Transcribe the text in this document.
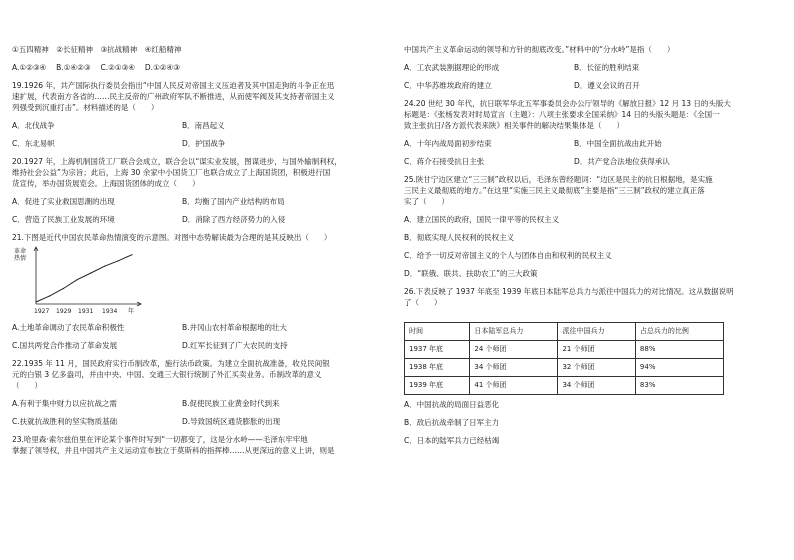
①五四精神　②长征精神　③抗战精神　④红船精神
A.①②③④　 B.①④②③　 C.②①③④　 D.①②④③
19.1926 年，共产国际执行委员会指出“中国人民反对帝国主义压迫者及其中国走狗的斗争正在迅
速扩展，代表南方各省的……民主反帝的广州政府军队不断推进，从而使军阀及其支持者帝国主义
列强受到沉重打击”。材料描述的是（　　）
A．北伐战争	B．南昌起义
C．东北易帜	D．护国战争
20.1927 年，上海机制国货工厂联合会成立，联合会以“谋实业发展，图谋进步，与国外输制利权，
维持社会公益”为宗旨；此后，上海 30 余家中小国货工厂也联合成立了上海国货团，积极进行国
货宣传，举办国货展览会。上海国货团体的成立（　　）
A．促进了实业救国思潮的出现	B．均衡了国内产业结构的布局
C．营造了民族工业发展的环境	D．消除了西方经济势力的入侵
21.下图是近代中国农民革命热情演变的示意图。对图中态势解读最为合理的是其反映出（　　）
革命热情
1927 1929 1931 1934 年
A.土地革命调动了农民革命积极性	B.井冈山农村革命根据地的壮大
C.国共两党合作推动了革命发展	D.红军长征到了广大农民的支持
22.1935 年 11 月，国民政府实行币制改革，施行法币政策。为建立全面抗战准备，收兑民间银
元的白银 3 亿多盎司，并由中央、中国、交通三大银行统制了外汇买卖业务。币制改革的意义
（　　）
A.有利于集中财力以应抗战之需	B.促使民族工业黄金时代到来
C.扶就抗战胜利的坚实物质基础	D.导致国统区通货膨胀的出现
23.哈里森·索尔兹伯里在评论某个事件时写到“一切都变了，这是分水岭——毛泽东牢牢地
掌握了领导权，并且中国共产主义运动宣布独立于莫斯科的指挥棒……从更深远的意义上讲，则是
中国共产主义革命运动的领导和方针的彻底改变。”材料中的“分水岭”是指（　　）
A．工农武装割据理论的形成	B．长征的胜利结束
C．中华苏维埃政府的建立	D．遵义会议的召开
24.20 世纪 30 年代，抗日联军华北五军事委员会办公厅领导的《解放日报》12 月 13 日的头版大
标题是：《张杨发表对时局宣言（主题）：八项主张要求全国采纳》14 日的头版头题是：《全国一
致主张抗日/各方派代表来陕》相关事件的解决结果集体是（　　）
A．十年内战局面初步结束	B．中国全面抗战由此开始
C．蒋介石接受抗日主张	D．共产党合法地位获得承认
25.陕甘宁边区建立“三三制”政权以后，毛泽东曾经题词：“边区是民主的抗日根据地，是实施
三民主义最彻底的地方。”在这里“实施三民主义最彻底”主要是指“三三制”政权的建立真正落
实了（　　）
A．建立国民的政府，国民一律平等的民权主义
B．彻底实现人民权利的民权主义
C．给予一切反对帝国主义的个人与团体自由和权利的民权主义
D．“联俄、联共、扶助农工”的三大政策
26.下表反映了 1937 年底至 1939 年底日本陆军总兵力与派往中国兵力的对比情况。这从数据说明
了（　　）
时间	日本陆军总兵力	派往中国兵力	占总兵力的比例
1937 年底	24 个师团	21 个师团	88%
1938 年底	34 个师团	32 个师团	94%
1939 年底	41 个师团	34 个师团	83%
A．中国抗战的局面日益恶化
B．敌后抗战牵制了日军主力
C．日本的陆军兵力已经枯竭
